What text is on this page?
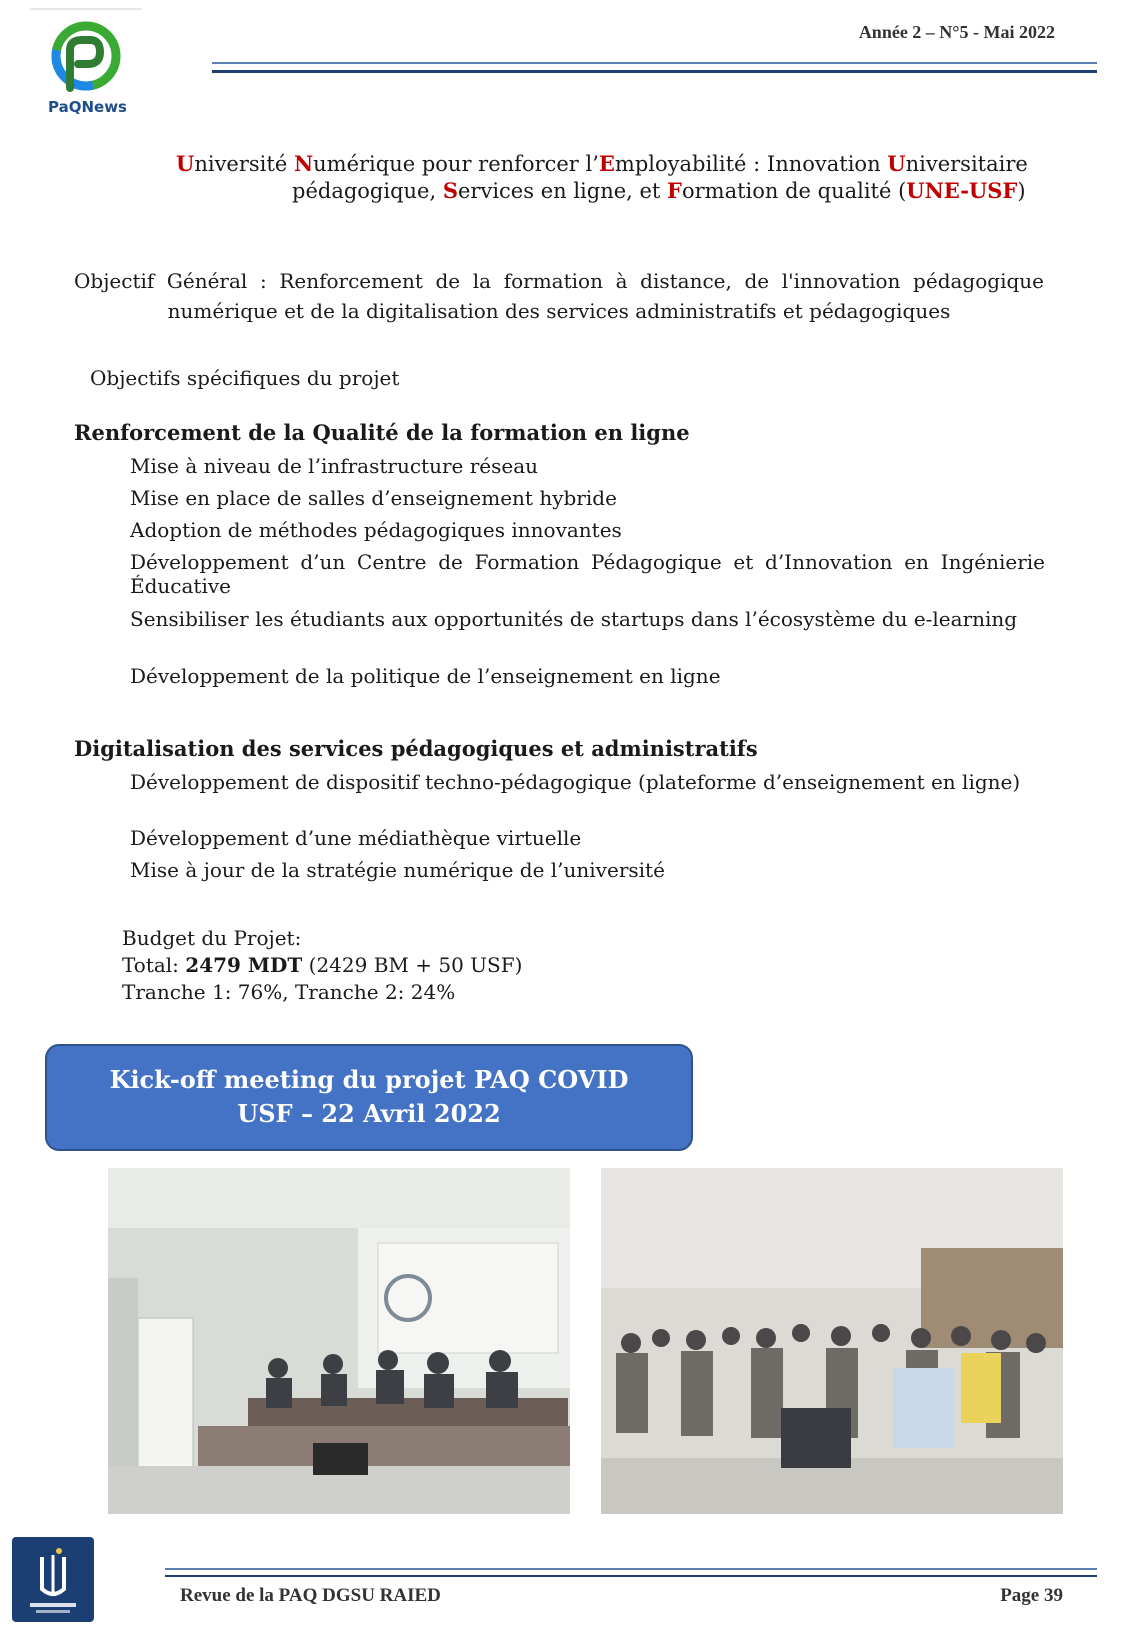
PaQNews
Année 2 – N°5 - Mai 2022
Université Numérique pour renforcer l’Employabilité : Innovation Universitaire
pédagogique, Services en ligne, et Formation de qualité (UNE-USF)
Objectif Général : Renforcement de la formation à distance, de l'innovation pédagogique numérique et de la digitalisation des services administratifs et pédagogiques
Objectifs spécifiques du projet
Renforcement de la Qualité de la formation en ligne
Mise à niveau de l’infrastructure réseau
Mise en place de salles d’enseignement hybride
Adoption de méthodes pédagogiques innovantes
Développement d’un Centre de Formation Pédagogique et d’Innovation en Ingénierie Éducative
Sensibiliser les étudiants aux opportunités de startups dans l’écosystème du e-learning
Développement de la politique de l’enseignement en ligne
Digitalisation des services pédagogiques et administratifs
Développement de dispositif techno-pédagogique (plateforme d’enseignement en ligne)
Développement d’une médiathèque virtuelle
Mise à jour de la stratégie numérique de l’université
Budget du Projet:
Total: 2479 MDT (2429 BM + 50 USF)
Tranche 1: 76%, Tranche 2: 24%
Kick-off meeting du projet PAQ COVID
USF – 22 Avril 2022
Revue de la PAQ DGSU RAIED	Page 39
